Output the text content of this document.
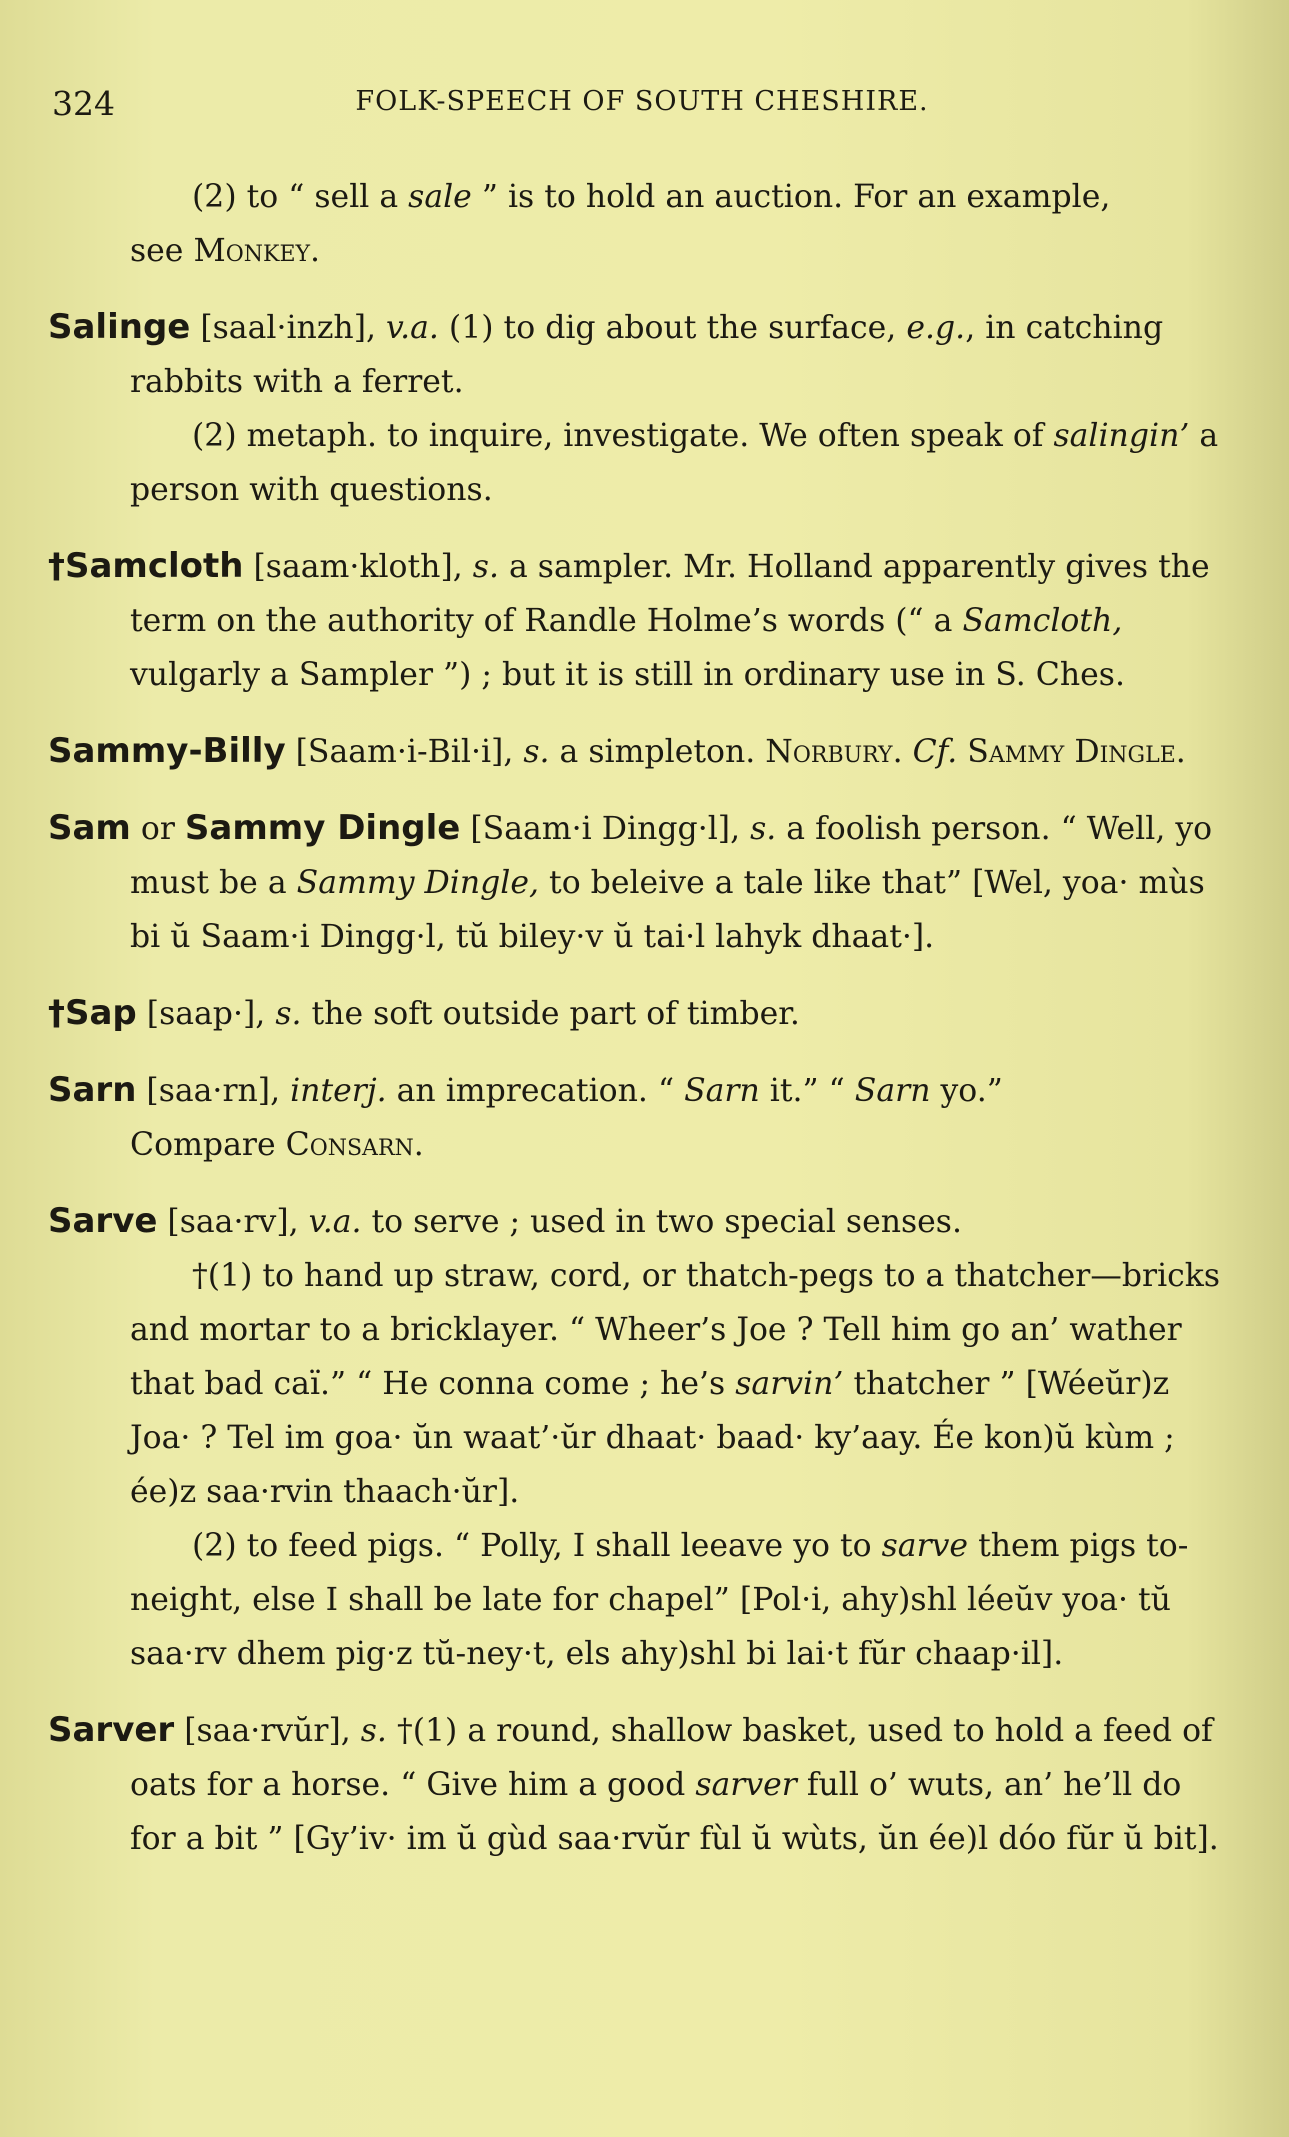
324	FOLK-SPEECH OF SOUTH CHESHIRE.

(2) to “ sell a sale ” is to hold an auction. For an example,
see Monkey.

Salinge [saal·inzh], v.a. (1) to dig about the surface, e.g., in catching rabbits with a ferret.

(2) metaph. to inquire, investigate. We often speak of salingin’ a person with questions.

†Samcloth [saam·kloth], s. a sampler. Mr. Holland apparently gives the term on the authority of Randle Holme’s words (“ a Samcloth, vulgarly a Sampler ”) ; but it is still in ordinary use in S. Ches.
Sammy-Billy [Saam·i-Bil·i], s. a simpleton. Norbury. Cf. Sammy Dingle.
Sam or Sammy Dingle [Saam·i Dingg·l], s. a foolish person. “ Well, yo must be a Sammy Dingle, to beleive a tale like that” [Wel, yoa· mùs bi ŭ Saam·i Dingg·l, tŭ biley·v ŭ tai·l lahyk dhaat·].
†Sap [saap·], s. the soft outside part of timber.
Sarn [saa·rn], interj. an imprecation. “ Sarn it.” “ Sarn yo.”
Compare Consarn.
Sarve [saa·rv], v.a. to serve ; used in two special senses.

†(1) to hand up straw, cord, or thatch-pegs to a thatcher—bricks and mortar to a bricklayer. “ Wheer’s Joe ? Tell him go an’ wather that bad caï.” “ He conna come ; he’s sarvin’ thatcher ” [Wéeŭr)z Joa· ? Tel im goa· ŭn waat’·ŭr dhaat· baad· ky’aay. Ée kon)ŭ kùm ; ée)z saa·rvin thaach·ŭr].

(2) to feed pigs. “ Polly, I shall leeave yo to sarve them pigs to-neight, else I shall be late for chapel” [Pol·i, ahy)shl léeŭv yoa· tŭ saa·rv dhem pig·z tŭ-ney·t, els ahy)shl bi lai·t fŭr chaap·il].

Sarver [saa·rvŭr], s. †(1) a round, shallow basket, used to hold a feed of oats for a horse. “ Give him a good sarver full o’ wuts, an’ he’ll do for a bit ” [Gy’iv· im ŭ gùd saa·rvŭr fùl ŭ wùts, ŭn ée)l dóo fŭr ŭ bit].
